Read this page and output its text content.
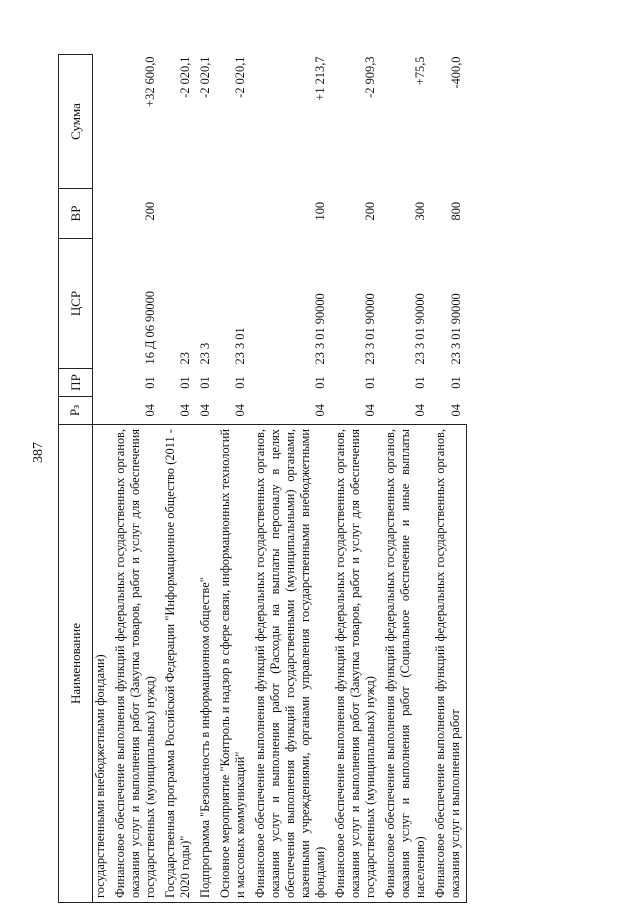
387
Наименование	Рз	ПР	ЦСР	ВР	Сумма
государственными внебюджетными фондами)					
Финансовое обеспечение выполнения функций федеральных государственных органов, оказания услуг и выполнения работ (Закупка товаров, работ и услуг для обеспечения государственных (муниципальных) нужд)	04	01	16 Д 06 90000	200	+32 600,0
Государственная программа Российской Федерации "Информационное общество (2011 - 2020 годы)"	04	01	23		-2 020,1
Подпрограмма "Безопасность в информационном обществе"	04	01	23 3		-2 020,1
Основное мероприятие "Контроль и надзор в сфере связи, информационных технологий и массовых коммуникаций"	04	01	23 3 01		-2 020,1
Финансовое обеспечение выполнения функций федеральных государственных органов, оказания услуг и выполнения работ (Расходы на выплаты персоналу в целях обеспечения выполнения функций государственными (муниципальными) органами, казенными учреждениями, органами управления государственными внебюджетными фондами)	04	01	23 3 01 90000	100	+1 213,7
Финансовое обеспечение выполнения функций федеральных государственных органов, оказания услуг и выполнения работ (Закупка товаров, работ и услуг для обеспечения государственных (муниципальных) нужд)	04	01	23 3 01 90000	200	-2 909,3
Финансовое обеспечение выполнения функций федеральных государственных органов, оказания услуг и выполнения работ (Социальное обеспечение и иные выплаты населению)	04	01	23 3 01 90000	300	+75,5
Финансовое обеспечение выполнения функций федеральных государственных органов, оказания услуг и выполнения работ	04	01	23 3 01 90000	800	-400,0
